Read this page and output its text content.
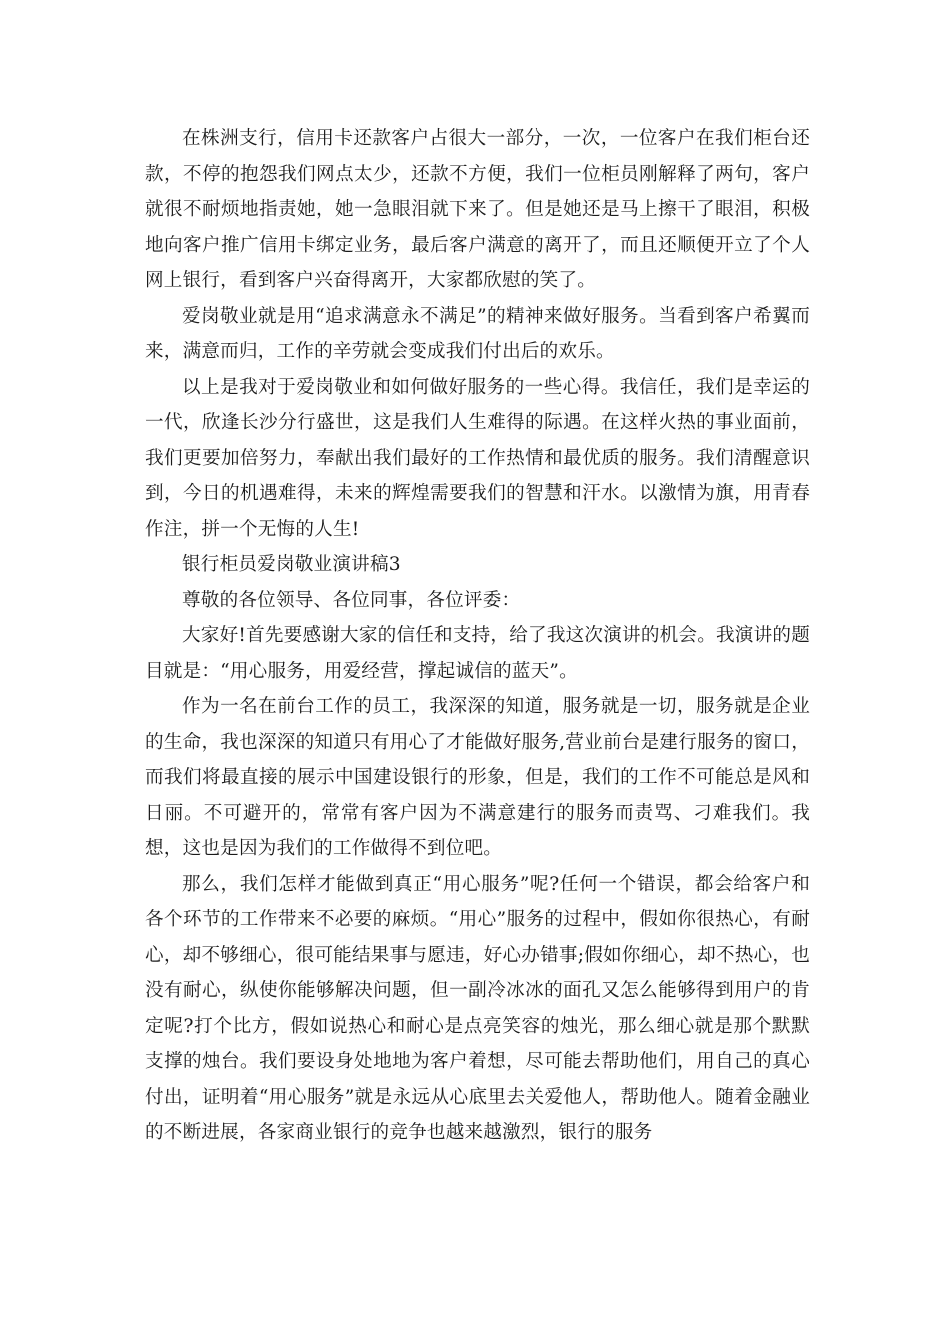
在株洲支行，信用卡还款客户占很大一部分，一次，一位客户在我们柜台还款，不停的抱怨我们网点太少，还款不方便，我们一位柜员刚解释了两句，客户就很不耐烦地指责她，她一急眼泪就下来了。但是她还是马上擦干了眼泪，积极地向客户推广信用卡绑定业务，最后客户满意的离开了，而且还顺便开立了个人网上银行，看到客户兴奋得离开，大家都欣慰的笑了。

爱岗敬业就是用“追求满意永不满足”的精神来做好服务。当看到客户希翼而来，满意而归，工作的辛劳就会变成我们付出后的欢乐。

以上是我对于爱岗敬业和如何做好服务的一些心得。我信任，我们是幸运的一代，欣逢长沙分行盛世，这是我们人生难得的际遇。在这样火热的事业面前，我们更要加倍努力，奉献出我们最好的工作热情和最优质的服务。我们清醒意识到，今日的机遇难得，未来的辉煌需要我们的智慧和汗水。以激情为旗，用青春作注，拼一个无悔的人生!

银行柜员爱岗敬业演讲稿3

尊敬的各位领导、各位同事，各位评委：

大家好!首先要感谢大家的信任和支持，给了我这次演讲的机会。我演讲的题目就是：“用心服务，用爱经营，撑起诚信的蓝天”。

作为一名在前台工作的员工，我深深的知道，服务就是一切，服务就是企业的生命，我也深深的知道只有用心了才能做好服务,营业前台是建行服务的窗口，而我们将最直接的展示中国建设银行的形象，但是，我们的工作不可能总是风和日丽。不可避开的，常常有客户因为不满意建行的服务而责骂、刁难我们。我想，这也是因为我们的工作做得不到位吧。

那么，我们怎样才能做到真正“用心服务”呢?任何一个错误，都会给客户和各个环节的工作带来不必要的麻烦。“用心”服务的过程中，假如你很热心，有耐心，却不够细心，很可能结果事与愿违，好心办错事;假如你细心，却不热心，也没有耐心，纵使你能够解决问题，但一副冷冰冰的面孔又怎么能够得到用户的肯定呢?打个比方，假如说热心和耐心是点亮笑容的烛光，那么细心就是那个默默支撑的烛台。我们要设身处地地为客户着想，尽可能去帮助他们，用自己的真心付出，证明着“用心服务”就是永远从心底里去关爱他人，帮助他人。随着金融业的不断进展，各家商业银行的竞争也越来越激烈，银行的服务
